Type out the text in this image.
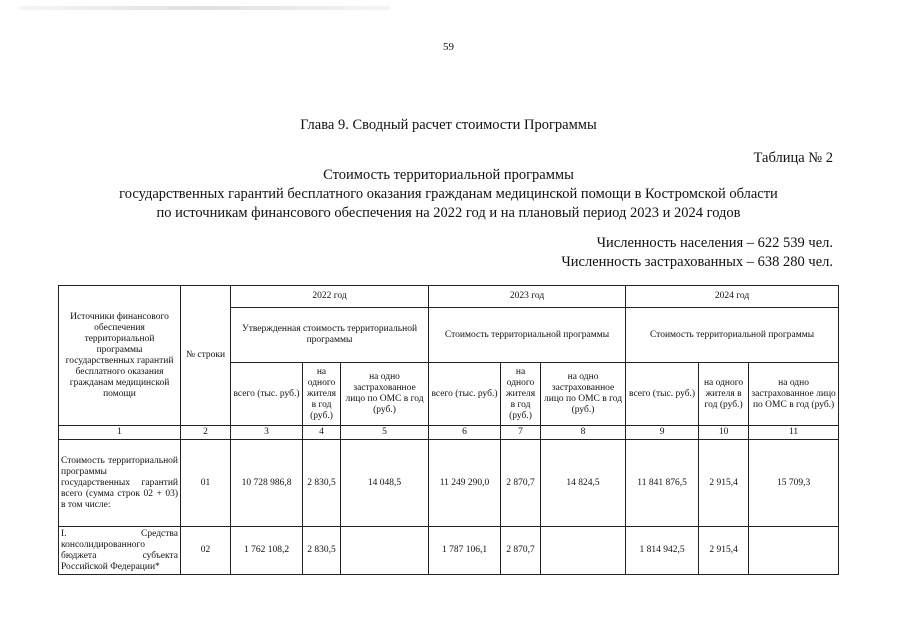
59
Глава 9. Сводный расчет стоимости Программы
Таблица № 2
Стоимость территориальной программы
государственных гарантий бесплатного оказания гражданам медицинской помощи в Костромской области
по источникам финансового обеспечения на 2022 год и на плановый период 2023 и 2024 годов
Численность населения – 622 539 чел.
Численность застрахованных – 638 280 чел.
Источники финансового обеспечения территориальной программы государственных гарантий бесплатного оказания гражданам медицинской помощи	№ строки	2022 год			2023 год			2024 год		
		Утвержденная стоимость территориальной программы			Стоимость территориальной программы			Стоимость территориальной программы		
		всего (тыс. руб.)	на одного жителя в год (руб.)	на одно застрахованное лицо по ОМС в год (руб.)	всего (тыс. руб.)	на одного жителя в год (руб.)	на одно застрахованное лицо по ОМС в год (руб.)	всего (тыс. руб.)	на одного жителя в год (руб.)	на одно застрахованное лицо по ОМС в год (руб.)
1	2	3	4	5	6	7	8	9	10	11
Стоимость территориальной программы государственных гарантий всего (сумма строк 02 + 03) в том числе:	01	10 728 986,8	2 830,5	14 048,5	11 249 290,0	2 870,7	14 824,5	11 841 876,5	2 915,4	15 709,3
I. Средства консолидированного бюджета субъекта Российской Федерации*	02	1 762 108,2	2 830,5		1 787 106,1	2 870,7		1 814 942,5	2 915,4	
